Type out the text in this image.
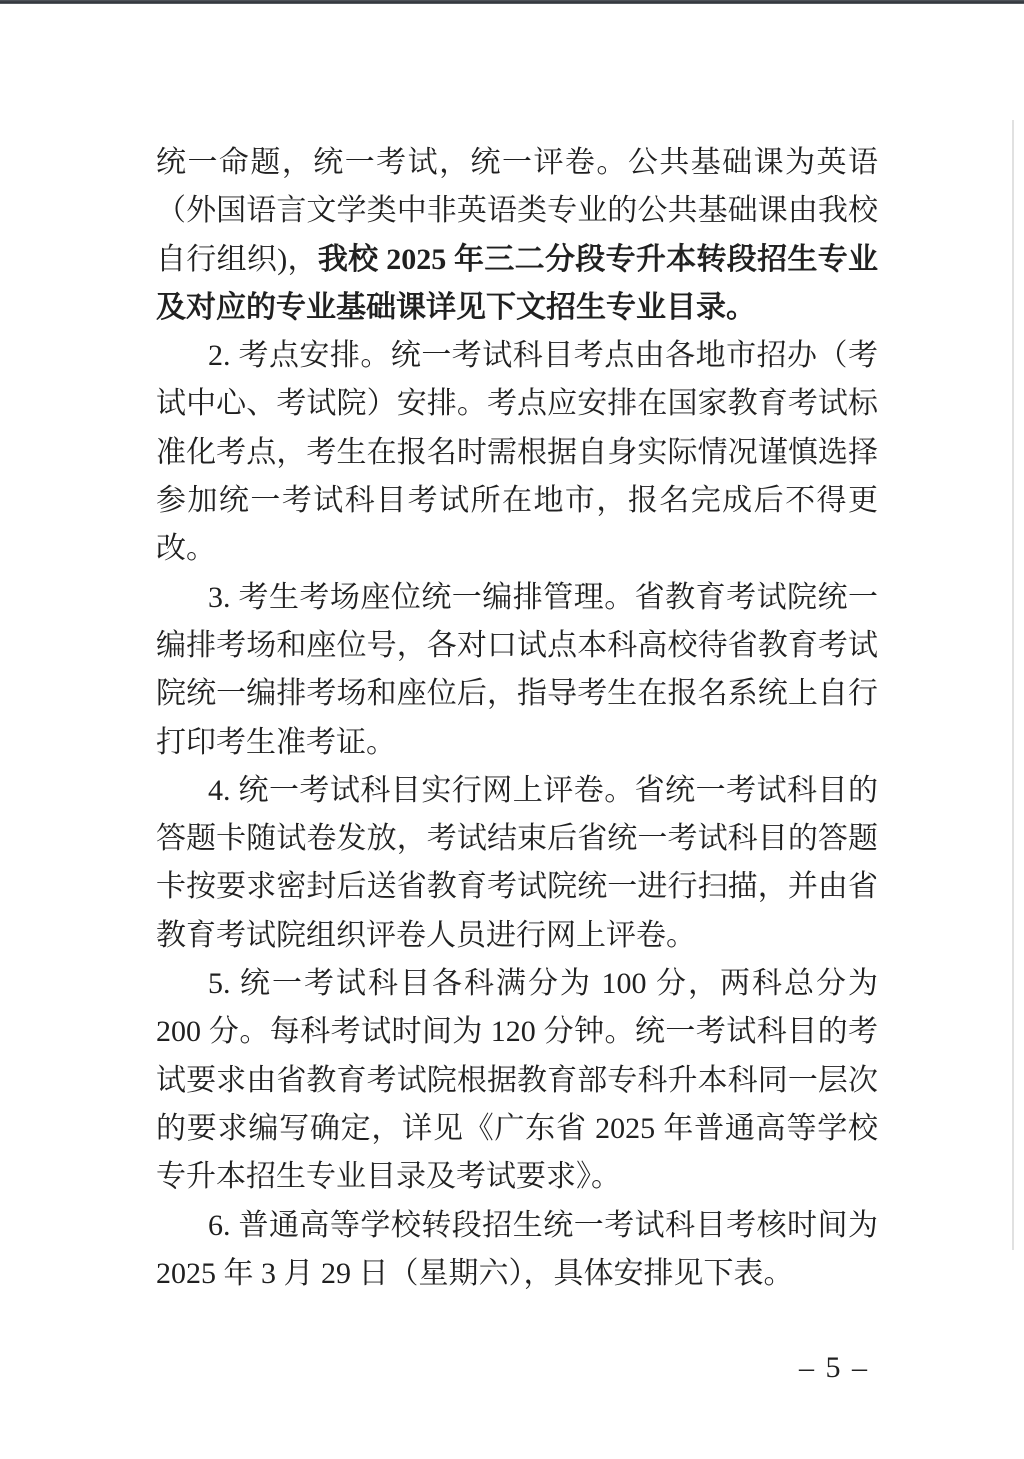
统一命题，统一考试，统一评卷。公共基础课为英语（外国语言文学类中非英语类专业的公共基础课由我校自行组织)，我校 2025 年三二分段专升本转段招生专业及对应的专业基础课详见下文招生专业目录。

2. 考点安排。统一考试科目考点由各地市招办（考试中心、考试院）安排。考点应安排在国家教育考试标准化考点，考生在报名时需根据自身实际情况谨慎选择参加统一考试科目考试所在地市，报名完成后不得更改。

3. 考生考场座位统一编排管理。省教育考试院统一编排考场和座位号，各对口试点本科高校待省教育考试院统一编排考场和座位后，指导考生在报名系统上自行打印考生准考证。

4. 统一考试科目实行网上评卷。省统一考试科目的答题卡随试卷发放，考试结束后省统一考试科目的答题卡按要求密封后送省教育考试院统一进行扫描，并由省教育考试院组织评卷人员进行网上评卷。

5. 统一考试科目各科满分为 100 分，两科总分为 200 分。每科考试时间为 120 分钟。统一考试科目的考试要求由省教育考试院根据教育部专科升本科同一层次的要求编写确定，详见《广东省 2025 年普通高等学校专升本招生专业目录及考试要求》。

6. 普通高等学校转段招生统一考试科目考核时间为 2025 年 3 月 29 日（星期六），具体安排见下表。

– 5 –
